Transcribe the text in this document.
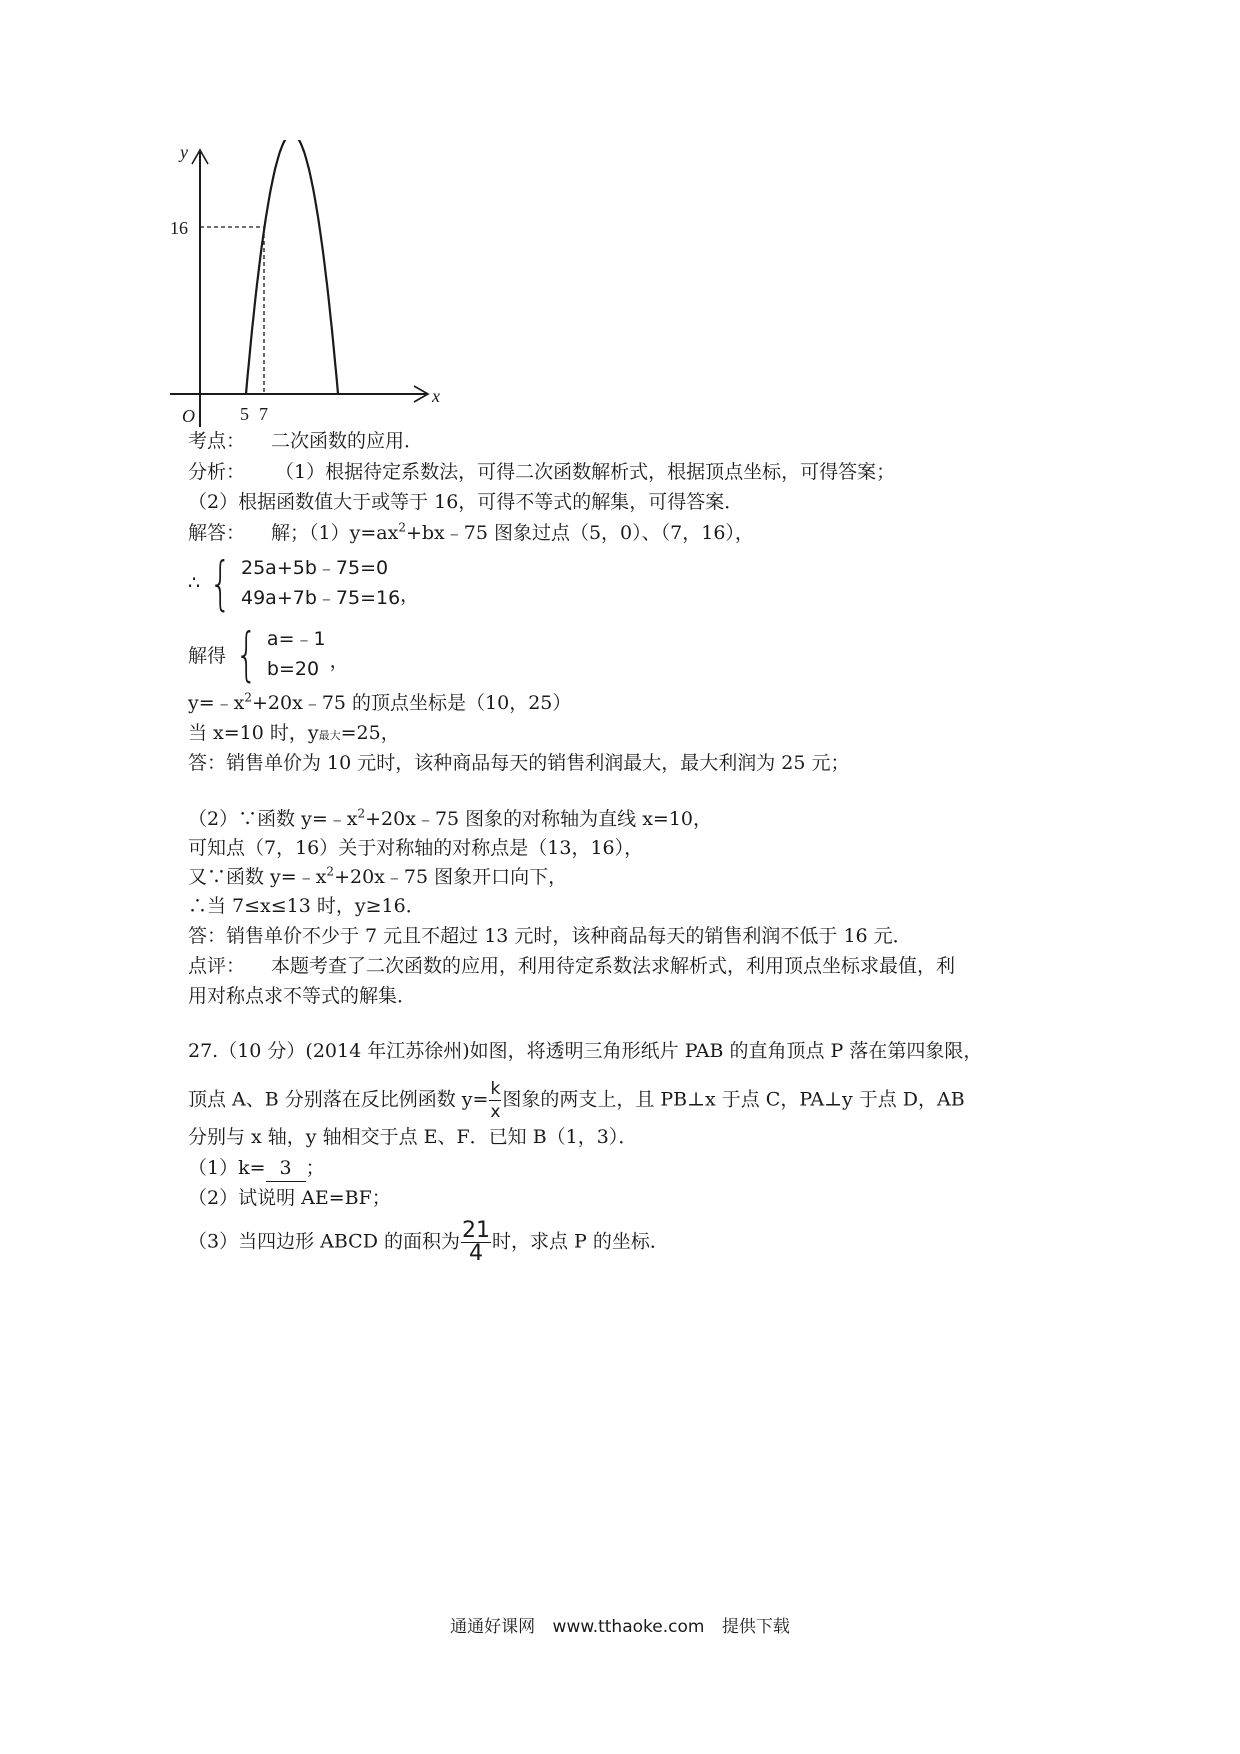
y
x
O
16
5 7
考点： 二次函数的应用．
分析： （1）根据待定系数法，可得二次函数解析式，根据顶点坐标，可得答案；
（2）根据函数值大于或等于 16，可得不等式的解集，可得答案．
解答： 解；$(1)y=ax^2+bx﹣75$ 图象过点（5，0）、（7，16），
∴ { 25a+5b﹣75=0
49a+7b﹣75=16 ，
解得 { a=﹣1
b=20 ，
$y=﹣x^2+20x﹣75$ 的顶点坐标是（10，25）
当 x=10 时，y最大=25，
答：销售单价为 10 元时，该种商品每天的销售利润最大，最大利润为 25 元；
（2）∵函数 $y=﹣x^2+20x﹣75$ 图象的对称轴为直线 x=10，
可知点（7，16）关于对称轴的对称点是（13，16），
又∵函数 $y=﹣x^2+20x﹣75$ 图象开口向下，
∴当 7≤x≤13 时，y≥16．
答：销售单价不少于 7 元且不超过 13 元时，该种商品每天的销售利润不低于 16 元．
点评： 本题考查了二次函数的应用，利用待定系数法求解析式，利用顶点坐标求最值，利
用对称点求不等式的解集．
27.（10 分）(2014 年江苏徐州)如图，将透明三角形纸片 PAB 的直角顶点 P 落在第四象限，
顶点 A、B 分别落在反比例函数 $y= \frac{k}{x}$ 图象的两支上，且 PB⊥x 于点 C，PA⊥y 于点 D，AB
分别与 x 轴，y 轴相交于点 E、F．已知 B（1，3）．
（1）k= 3 ；
（2）试说明 AE=BF；
（3）当四边形 ABCD 的面积为 $\frac{21}{4}$ 时，求点 P 的坐标．
通通好课网 www.tthaoke.com 提供下载
